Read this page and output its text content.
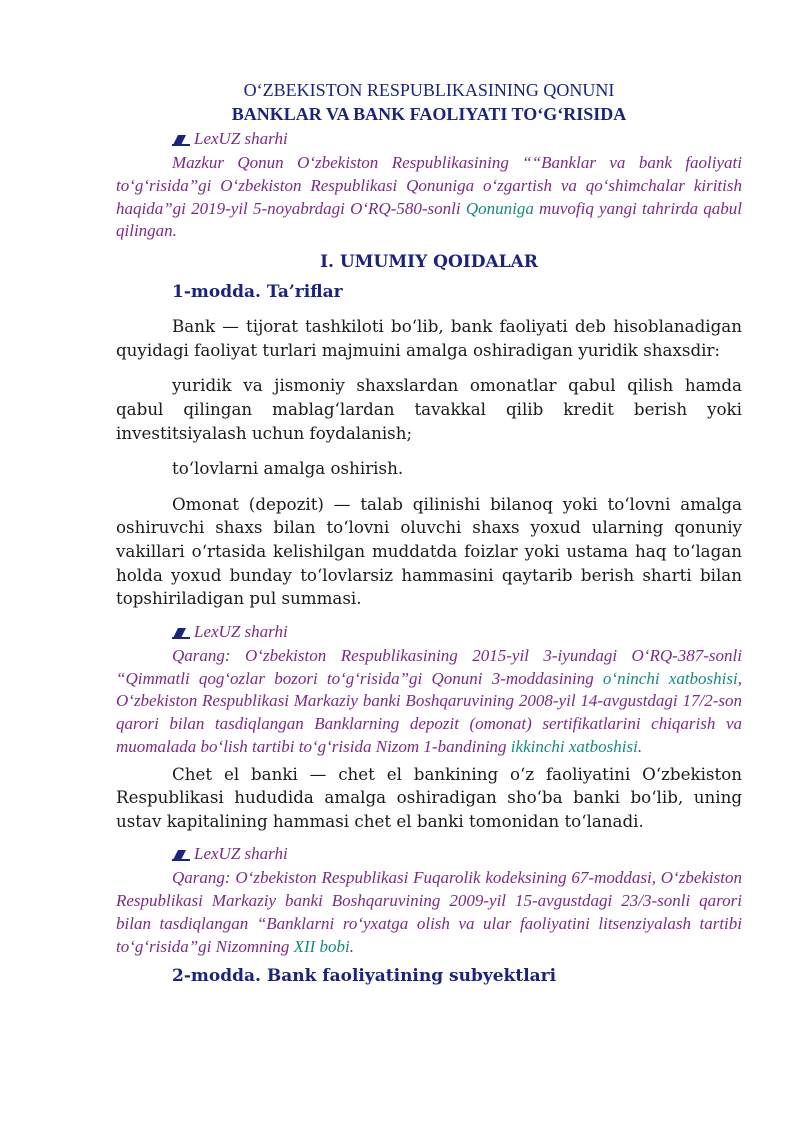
O‘ZBEKISTON RESPUBLIKASINING QONUNI

BANKLAR VA BANK FAOLIYATI TO‘G‘RISIDA

LexUZ sharhi

Mazkur Qonun O‘zbekiston Respublikasining ““Banklar va bank faoliyati to‘g‘risida”gi O‘zbekiston Respublikasi Qonuniga o‘zgartish va qo‘shimchalar kiritish haqida”gi 2019-yil 5-noyabrdagi O‘RQ-580-sonli Qonuniga muvofiq yangi tahrirda qabul qilingan.

I. UMUMIY QOIDALAR

1-modda. Ta’riflar

Bank — tijorat tashkiloti bo‘lib, bank faoliyati deb hisoblanadigan quyidagi faoliyat turlari majmuini amalga oshiradigan yuridik shaxsdir:

yuridik va jismoniy shaxslardan omonatlar qabul qilish hamda qabul qilingan mablag‘lardan tavakkal qilib kredit berish yoki investitsiyalash uchun foydalanish;

to‘lovlarni amalga oshirish.

Omonat (depozit) — talab qilinishi bilanoq yoki to‘lovni amalga oshiruvchi shaxs bilan to‘lovni oluvchi shaxs yoxud ularning qonuniy vakillari o‘rtasida kelishilgan muddatda foizlar yoki ustama haq to‘lagan holda yoxud bunday to‘lovlarsiz hammasini qaytarib berish sharti bilan topshiriladigan pul summasi.

LexUZ sharhi

Qarang: O‘zbekiston Respublikasining 2015-yil 3-iyundagi O‘RQ-387-sonli “Qimmatli qog‘ozlar bozori to‘g‘risida”gi Qonuni 3-moddasining o‘ninchi xatboshisi, O‘zbekiston Respublikasi Markaziy banki Boshqaruvining 2008-yil 14-avgustdagi 17/2-son qarori bilan tasdiqlangan Banklarning depozit (omonat) sertifikatlarini chiqarish va muomalada bo‘lish tartibi to‘g‘risida Nizom 1-bandining ikkinchi xatboshisi.

Chet el banki — chet el bankining o‘z faoliyatini O‘zbekiston Respublikasi hududida amalga oshiradigan sho‘ba banki bo‘lib, uning ustav kapitalining hammasi chet el banki tomonidan to‘lanadi.

LexUZ sharhi

Qarang: O‘zbekiston Respublikasi Fuqarolik kodeksining 67-moddasi, O‘zbekiston Respublikasi Markaziy banki Boshqaruvining 2009-yil 15-avgustdagi 23/3-sonli qarori bilan tasdiqlangan “Banklarni ro‘yxatga olish va ular faoliyatini litsenziyalash tartibi to‘g‘risida”gi Nizomning XII bobi.

2-modda. Bank faoliyatining subyektlari
